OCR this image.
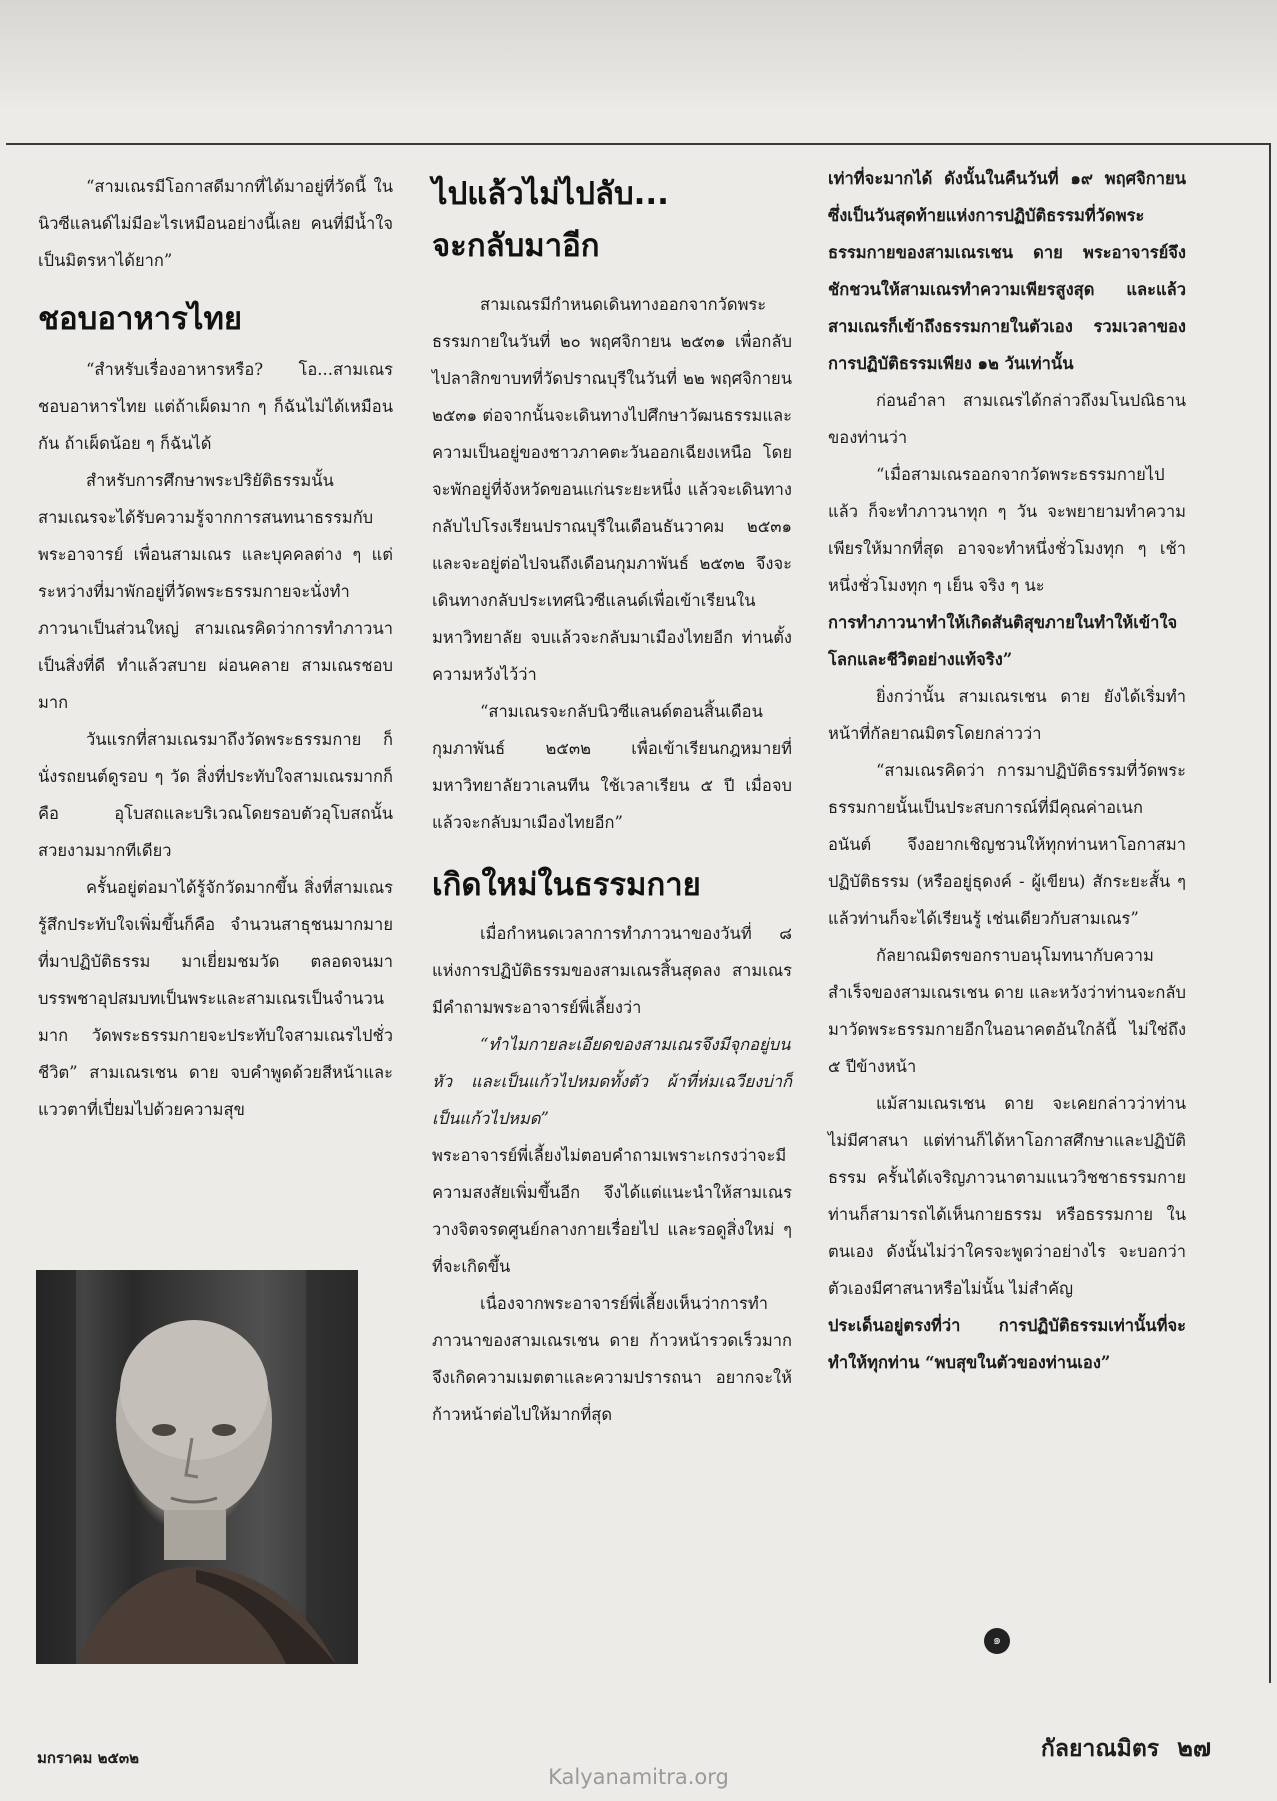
“สามเณรมีโอกาสดีมากที่ได้มาอยู่ที่วัดนี้ ในนิวซีแลนด์ไม่มีอะไรเหมือนอย่างนี้เลย คนที่มีน้ำใจเป็นมิตรหาได้ยาก”

ชอบอาหารไทย

“สำหรับเรื่องอาหารหรือ? โอ...สามเณรชอบอาหารไทย แต่ถ้าเผ็ดมาก ๆ ก็ฉันไม่ได้เหมือนกัน ถ้าเผ็ดน้อย ๆ ก็ฉันได้

สำหรับการศึกษาพระปริยัติธรรมนั้น สามเณรจะได้รับความรู้จากการสนทนาธรรมกับพระอาจารย์ เพื่อนสามเณร และบุคคลต่าง ๆ แต่ระหว่างที่มาพักอยู่ที่วัดพระธรรมกายจะนั่งทำภาวนาเป็นส่วนใหญ่ สามเณรคิดว่าการทำภาวนาเป็นสิ่งที่ดี ทำแล้วสบาย ผ่อนคลาย สามเณรชอบมาก

วันแรกที่สามเณรมาถึงวัดพระธรรมกาย ก็นั่งรถยนต์ดูรอบ ๆ วัด สิ่งที่ประทับใจสามเณรมากก็คือ อุโบสถและบริเวณโดยรอบตัวอุโบสถนั้นสวยงามมากทีเดียว

ครั้นอยู่ต่อมาได้รู้จักวัดมากขึ้น สิ่งที่สามเณรรู้สึกประทับใจเพิ่มขึ้นก็คือ จำนวนสาธุชนมากมายที่มาปฏิบัติธรรม มาเยี่ยมชมวัด ตลอดจนมาบรรพชาอุปสมบทเป็นพระและสามเณรเป็นจำนวนมาก วัดพระธรรมกายจะประทับใจสามเณรไปชั่วชีวิต” สามเณรเชน ดาย จบคำพูดด้วยสีหน้าและแววตาที่เปี่ยมไปด้วยความสุข

ไปแล้วไม่ไปลับ...
จะกลับมาอีก

สามเณรมีกำหนดเดินทางออกจากวัดพระธรรมกายในวันที่ ๒๐ พฤศจิกายน ๒๕๓๑ เพื่อกลับไปลาสิกขาบทที่วัดปราณบุรีในวันที่ ๒๒ พฤศจิกายน ๒๕๓๑ ต่อจากนั้นจะเดินทางไปศึกษาวัฒนธรรมและความเป็นอยู่ของชาวภาคตะวันออกเฉียงเหนือ โดยจะพักอยู่ที่จังหวัดขอนแก่นระยะหนึ่ง แล้วจะเดินทางกลับไปโรงเรียนปราณบุรีในเดือนธันวาคม ๒๕๓๑ และจะอยู่ต่อไปจนถึงเดือนกุมภาพันธ์ ๒๕๓๒ จึงจะเดินทางกลับประเทศนิวซีแลนด์เพื่อเข้าเรียนในมหาวิทยาลัย จบแล้วจะกลับมาเมืองไทยอีก ท่านตั้งความหวังไว้ว่า

“สามเณรจะกลับนิวซีแลนด์ตอนสิ้นเดือนกุมภาพันธ์ ๒๕๓๒ เพื่อเข้าเรียนกฎหมายที่มหาวิทยาลัยวาเลนทีน ใช้เวลาเรียน ๕ ปี เมื่อจบแล้วจะกลับมาเมืองไทยอีก”

เกิดใหม่ในธรรมกาย

เมื่อกำหนดเวลาการทำภาวนาของวันที่ ๘ แห่งการปฏิบัติธรรมของสามเณรสิ้นสุดลง สามเณรมีคำถามพระอาจารย์พี่เลี้ยงว่า

“ทำไมกายละเอียดของสามเณรจึงมีจุกอยู่บนหัว และเป็นแก้วไปหมดทั้งตัว ผ้าที่ห่มเฉวียงบ่าก็เป็นแก้วไปหมด”

พระอาจารย์พี่เลี้ยงไม่ตอบคำถามเพราะเกรงว่าจะมีความสงสัยเพิ่มขึ้นอีก จึงได้แต่แนะนำให้สามเณรวางจิตจรดศูนย์กลางกายเรื่อยไป และรอดูสิ่งใหม่ ๆ ที่จะเกิดขึ้น

เนื่องจากพระอาจารย์พี่เลี้ยงเห็นว่าการทำภาวนาของสามเณรเชน ดาย ก้าวหน้ารวดเร็วมากจึงเกิดความเมตตาและความปรารถนา อยากจะให้ก้าวหน้าต่อไปให้มากที่สุด

เท่าที่จะมากได้ ดังนั้นในคืนวันที่ ๑๙ พฤศจิกายน ซึ่งเป็นวันสุดท้ายแห่งการปฏิบัติธรรมที่วัดพระธรรมกายของสามเณรเชน ดาย พระอาจารย์จึงชักชวนให้สามเณรทำความเพียรสูงสุด และแล้วสามเณรก็เข้าถึงธรรมกายในตัวเอง รวมเวลาของการปฏิบัติธรรมเพียง ๑๒ วันเท่านั้น

ก่อนอำลา สามเณรได้กล่าวถึงมโนปณิธานของท่านว่า

“เมื่อสามเณรออกจากวัดพระธรรมกายไปแล้ว ก็จะทำภาวนาทุก ๆ วัน จะพยายามทำความเพียรให้มากที่สุด อาจจะทำหนึ่งชั่วโมงทุก ๆ เช้า หนึ่งชั่วโมงทุก ๆ เย็น จริง ๆ นะ

การทำภาวนาทำให้เกิดสันติสุขภายในทำให้เข้าใจโลกและชีวิตอย่างแท้จริง”

ยิ่งกว่านั้น สามเณรเชน ดาย ยังได้เริ่มทำหน้าที่กัลยาณมิตรโดยกล่าวว่า

“สามเณรคิดว่า การมาปฏิบัติธรรมที่วัดพระธรรมกายนั้นเป็นประสบการณ์ที่มีคุณค่าอเนกอนันต์ จึงอยากเชิญชวนให้ทุกท่านหาโอกาสมาปฏิบัติธรรม (หรืออยู่ธุดงค์ - ผู้เขียน) สักระยะสั้น ๆ แล้วท่านก็จะได้เรียนรู้ เช่นเดียวกับสามเณร”

กัลยาณมิตรขอกราบอนุโมทนากับความสำเร็จของสามเณรเชน ดาย และหวังว่าท่านจะกลับมาวัดพระธรรมกายอีกในอนาคตอันใกล้นี้ ไม่ใช่ถึง ๕ ปีข้างหน้า

แม้สามเณรเชน ดาย จะเคยกล่าวว่าท่านไม่มีศาสนา แต่ท่านก็ได้หาโอกาสศึกษาและปฏิบัติธรรม ครั้นได้เจริญภาวนาตามแนววิชชาธรรมกาย ท่านก็สามารถได้เห็นกายธรรม หรือธรรมกาย ในตนเอง ดังนั้นไม่ว่าใครจะพูดว่าอย่างไร จะบอกว่าตัวเองมีศาสนาหรือไม่นั้น ไม่สำคัญ

ประเด็นอยู่ตรงที่ว่า การปฏิบัติธรรมเท่านั้นที่จะทำให้ทุกท่าน “พบสุขในตัวของท่านเอง”

๑
มกราคม ๒๕๓๒	กัลยาณมิตร ๒๗
Kalyanamitra.org
